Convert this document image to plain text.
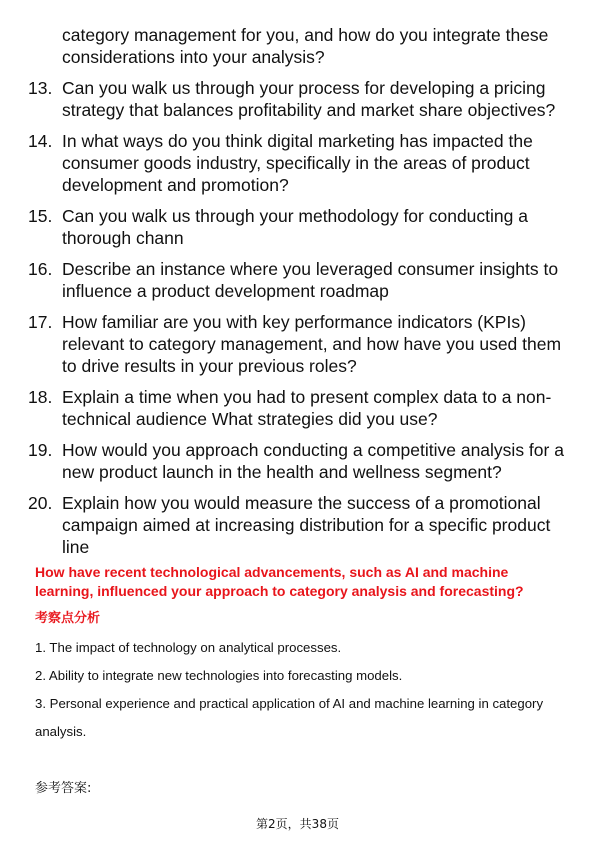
category management for you, and how do you integrate these considerations into your analysis?
13. Can you walk us through your process for developing a pricing strategy that balances profitability and market share objectives?
14. In what ways do you think digital marketing has impacted the consumer goods industry, specifically in the areas of product development and promotion?
15. Can you walk us through your methodology for conducting a thorough chann
16. Describe an instance where you leveraged consumer insights to influence a product development roadmap
17. How familiar are you with key performance indicators (KPIs) relevant to category management, and how have you used them to drive results in your previous roles?
18. Explain a time when you had to present complex data to a non-technical audience What strategies did you use?
19. How would you approach conducting a competitive analysis for a new product launch in the health and wellness segment?
20. Explain how you would measure the success of a promotional campaign aimed at increasing distribution for a specific product line
How have recent technological advancements, such as AI and machine learning, influenced your approach to category analysis and forecasting?
考察点分析
1. The impact of technology on analytical processes.
2. Ability to integrate new technologies into forecasting models.
3. Personal experience and practical application of AI and machine learning in category analysis.
参考答案:
第2页，共38页
